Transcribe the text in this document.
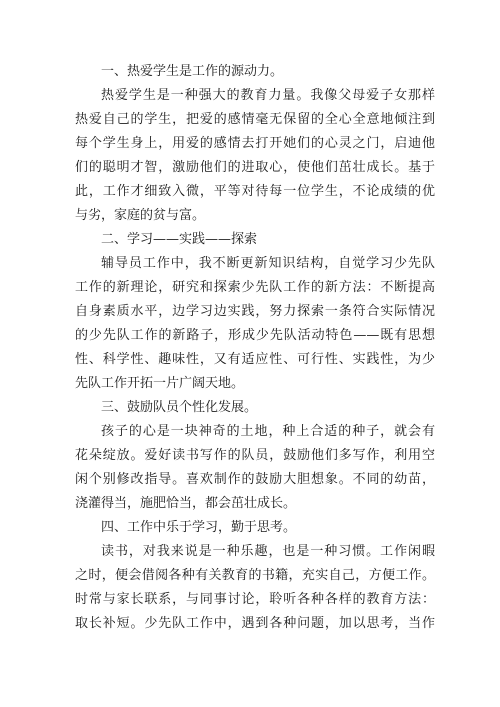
一、热爱学生是工作的源动力。
热爱学生是一种强大的教育力量。我像父母爱子女那样
热爱自己的学生，把爱的感情毫无保留的全心全意地倾注到
每个学生身上，用爱的感情去打开她们的心灵之门，启迪他
们的聪明才智，激励他们的进取心，使他们茁壮成长。基于
此，工作才细致入微，平等对待每一位学生，不论成绩的优
与劣，家庭的贫与富。
二、学习——实践——探索
辅导员工作中，我不断更新知识结构，自觉学习少先队
工作的新理论，研究和探索少先队工作的新方法：不断提高
自身素质水平，边学习边实践，努力探索一条符合实际情况
的少先队工作的新路子，形成少先队活动特色——既有思想
性、科学性、趣味性，又有适应性、可行性、实践性，为少
先队工作开拓一片广阔天地。
三、鼓励队员个性化发展。
孩子的心是一块神奇的土地，种上合适的种子，就会有
花朵绽放。爱好读书写作的队员，鼓励他们多写作，利用空
闲个别修改指导。喜欢制作的鼓励大胆想象。不同的幼苗，
浇灌得当，施肥恰当，都会茁壮成长。
四、工作中乐于学习，勤于思考。
读书，对我来说是一种乐趣，也是一种习惯。工作闲暇
之时，便会借阅各种有关教育的书籍，充实自己，方便工作。
时常与家长联系，与同事讨论，聆听各种各样的教育方法：
取长补短。少先队工作中，遇到各种问题，加以思考，当作
